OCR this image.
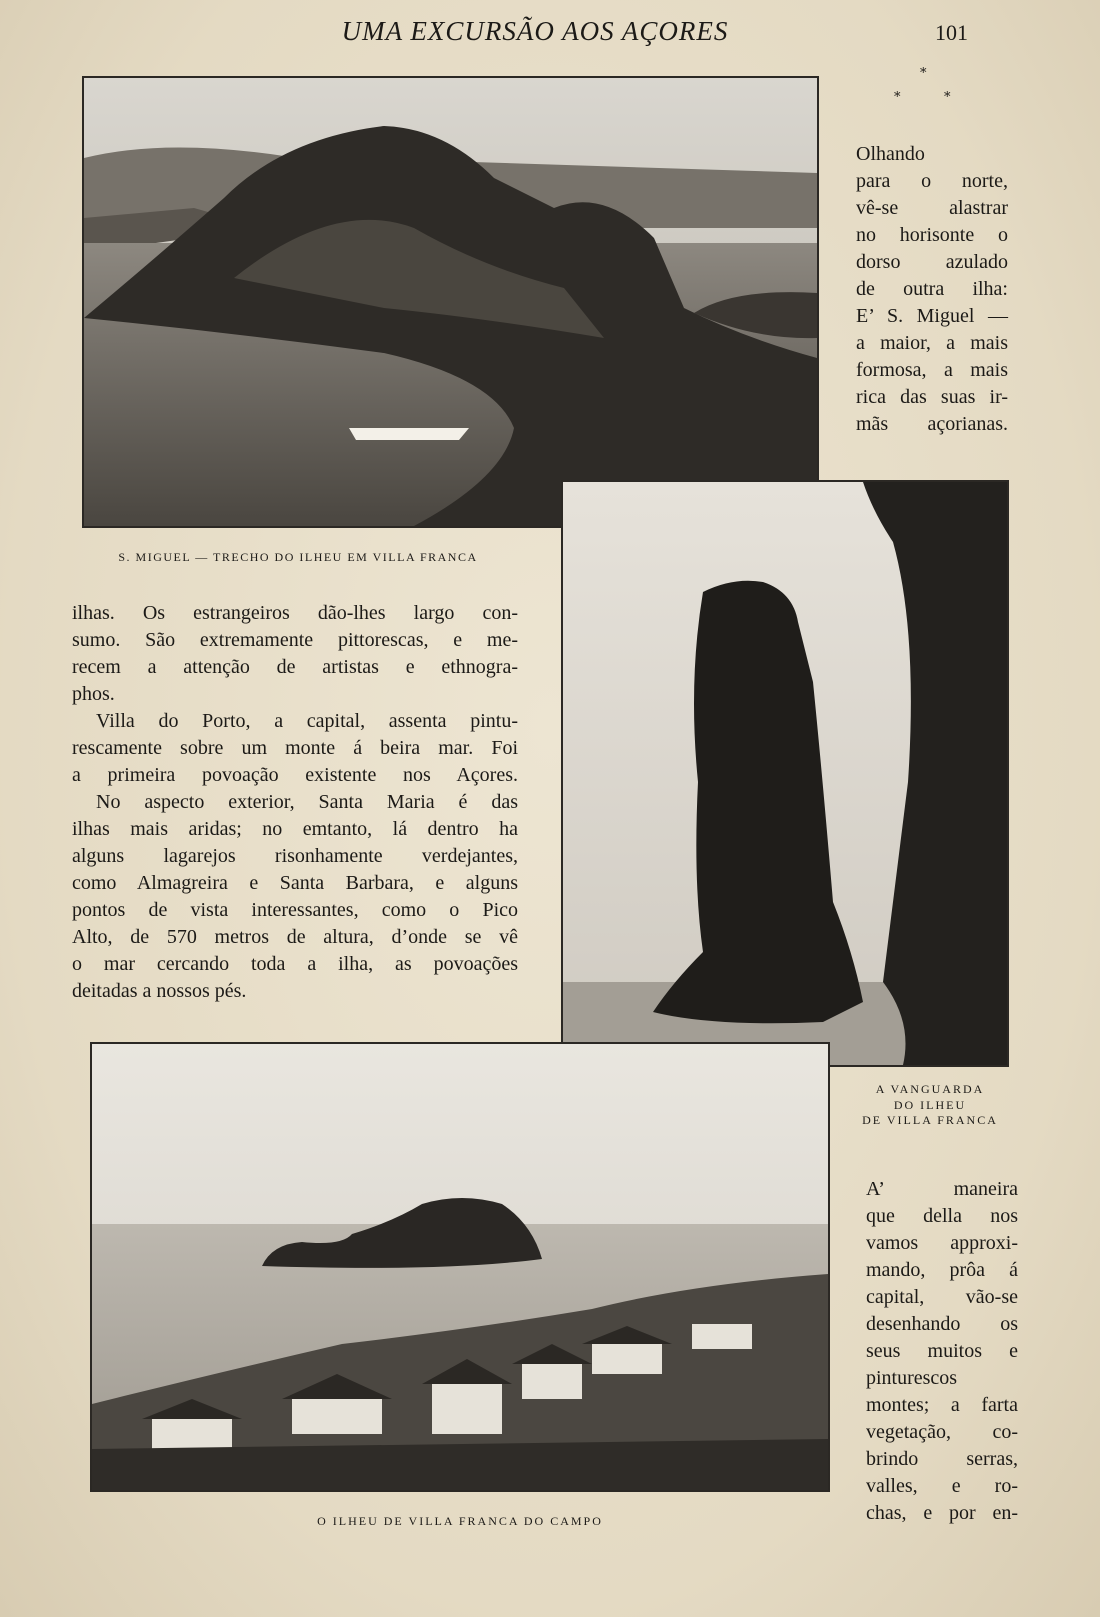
UMA EXCURSÃO AOS AÇORES	101
*
*	*
S. MIGUEL — TRECHO DO ILHEU EM VILLA FRANCA
A VANGUARDA
DO ILHEU
DE VILLA FRANCA
O ILHEU DE VILLA FRANCA DO CAMPO
Olhando
para o norte,
vê-se alastrar
no horisonte o
dorso azulado
de outra ilha:
E’ S. Miguel —
a maior, a mais
formosa, a mais
rica das suas ir-
mãs açorianas.
ilhas. Os estrangeiros dão-lhes largo con-
sumo. São extremamente pittorescas, e me-
recem a attenção de artistas e ethnogra-
phos.
Villa do Porto, a capital, assenta pintu-
rescamente sobre um monte á beira mar. Foi
a primeira povoação existente nos Açores.
No aspecto exterior, Santa Maria é das
ilhas mais aridas; no emtanto, lá dentro ha
alguns lagarejos risonhamente verdejantes,
como Almagreira e Santa Barbara, e alguns
pontos de vista interessantes, como o Pico
Alto, de 570 metros de altura, d’onde se vê
o mar cercando toda a ilha, as povoações
deitadas a nossos pés.
A’ maneira
que della nos
vamos approxi-
mando, prôa á
capital, vão-se
desenhando os
seus muitos e
pinturescos
montes; a farta
vegetação, co-
brindo serras,
valles, e ro-
chas, e por en-
